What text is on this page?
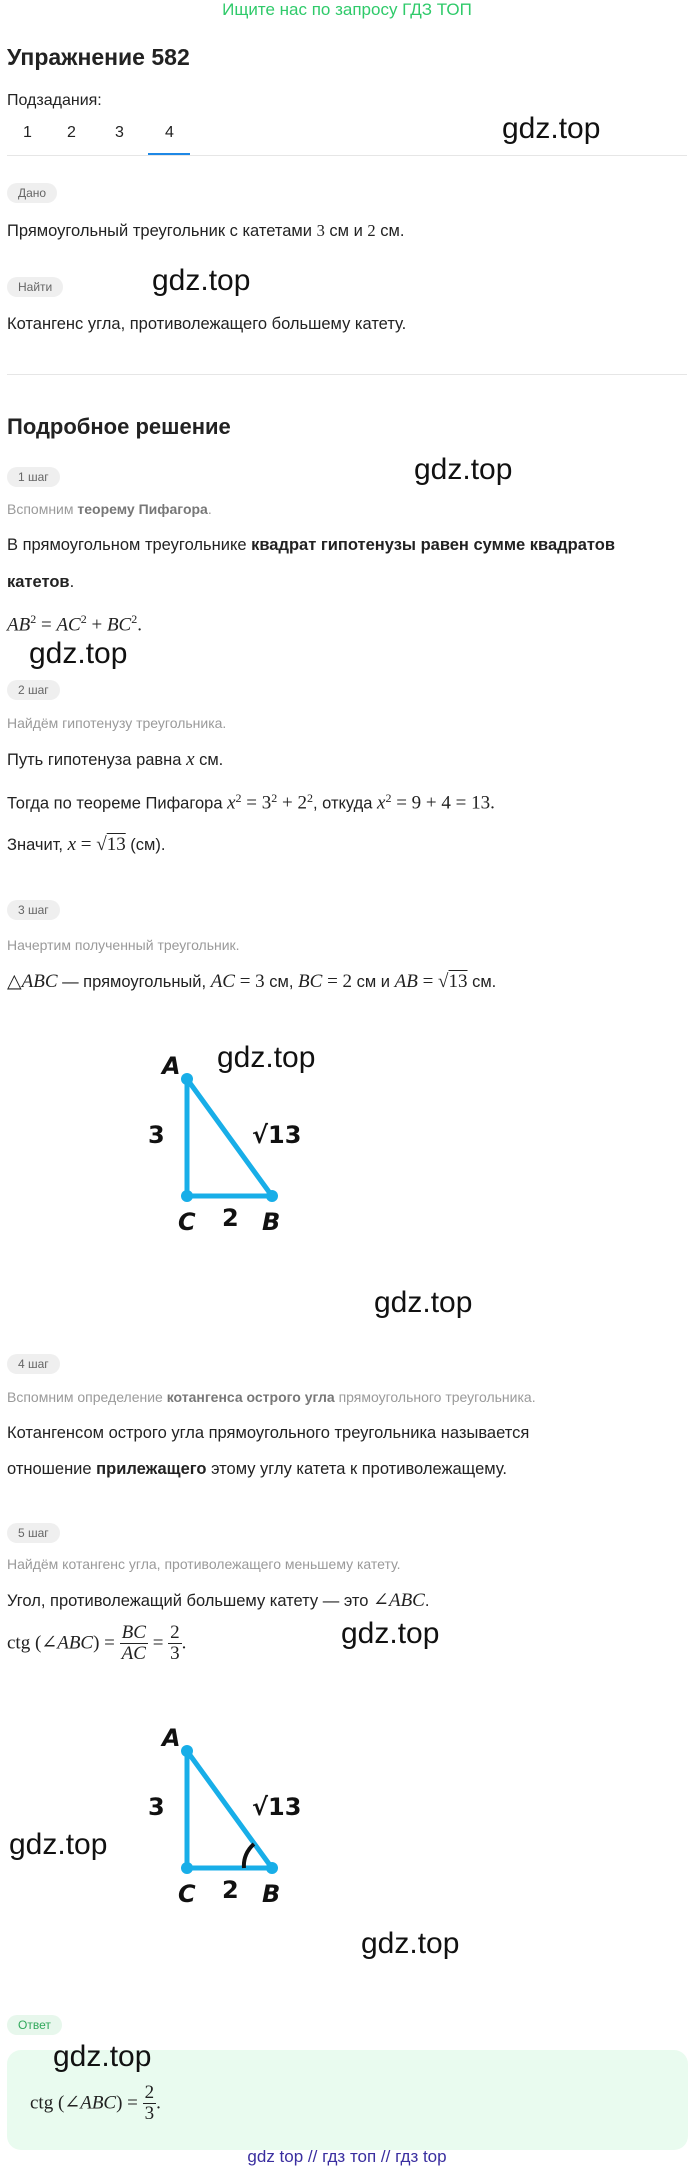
Ищите нас по запросу ГДЗ ТОП
Упражнение 582
Подзадания:
1 2 3	4	gdz.top
gdz.top
gdz.top
gdz.top
gdz.top
gdz.top
gdz.top
gdz.top
gdz.top
gdz.top
Дано
Прямоугольный треугольник с катетами 3 см и 2 см.
Найти
Котангенс угла, противолежащего большему катету.
Подробное решение
1 шаг
Вспомним теорему Пифагора.
В прямоугольном треугольнике квадрат гипотенузы равен сумме квадратов
катетов.
$AB^2 = AC^2 + BC^2$.
2 шаг
Найдём гипотенузу треугольника.
Путь гипотенуза равна x см.
Тогда по теореме Пифагора $x^2 = 3^2 + 2^2$, откуда $x^2 = 9 + 4 = 13$.
Значит, x = √13 (см).
3 шаг
Начертим полученный треугольник.
△ABC — прямоугольный, AC = 3 см, BC = 2 см и AB = √13 см.
A
C	B
3
2
√13
4 шаг
Вспомним определение котангенса острого угла прямоугольного треугольника.
Котангенсом острого угла прямоугольного треугольника называется
отношение прилежащего этому углу катета к противолежащему.
5 шаг
Найдём котангенс угла, противолежащего меньшему катету.
Угол, противолежащий большему катету — это ∠ABC.
ctg (∠ABC) = $\frac{BC}{AC} = \frac{2}{3}$ .
A
C	B
3
2
√13
Ответ
ctg (∠ABC) = $\frac{2}{3}$ .
gdz top // гдз топ // гдз top
